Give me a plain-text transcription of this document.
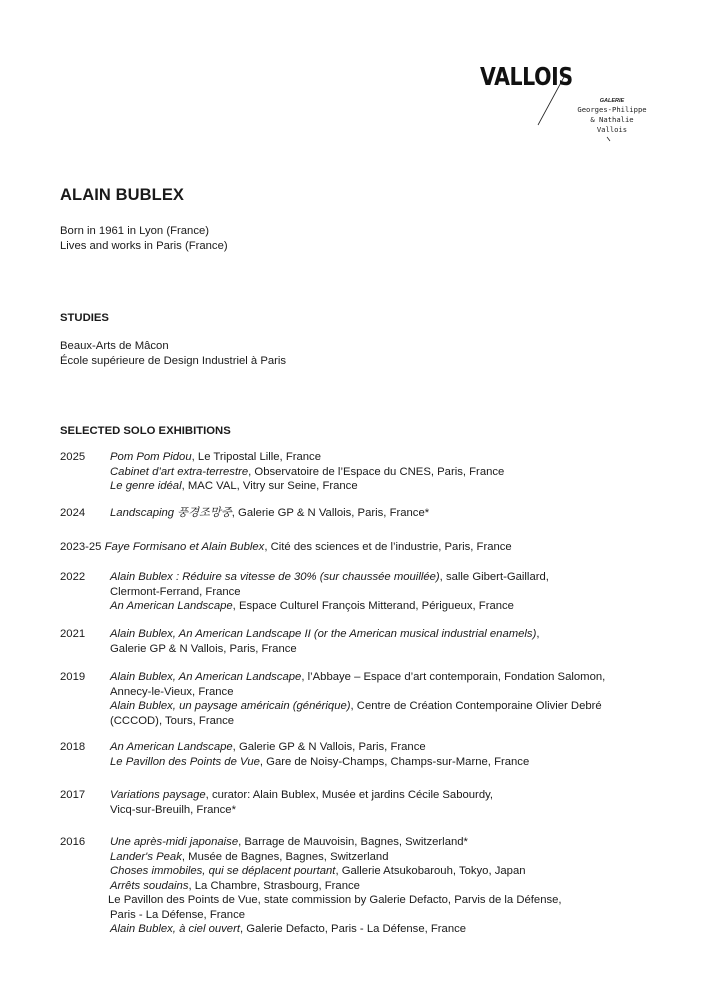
VALLOIS
GALERIE
Georges-Philippe
& Nathalie
Vallois
ALAIN BUBLEX
Born in 1961 in Lyon (France)
Lives and works in Paris (France)
STUDIES
Beaux-Arts de Mâcon
École supérieure de Design Industriel à Paris
SELECTED SOLO EXHIBITIONS
2025 Pom Pom Pidou, Le Tripostal Lille, France
Cabinet d’art extra-terrestre, Observatoire de l’Espace du CNES, Paris, France
Le genre idéal, MAC VAL, Vitry sur Seine, France
2024 Landscaping 풍경조망중, Galerie GP & N Vallois, Paris, France*
2023-25 Faye Formisano et Alain Bublex, Cité des sciences et de l’industrie, Paris, France
2022 Alain Bublex : Réduire sa vitesse de 30% (sur chaussée mouillée), salle Gibert-Gaillard,
Clermont-Ferrand, France
An American Landscape, Espace Culturel François Mitterand, Périgueux, France
2021 Alain Bublex, An American Landscape II (or the American musical industrial enamels),
Galerie GP & N Vallois, Paris, France
2019 Alain Bublex, An American Landscape, l’Abbaye – Espace d’art contemporain, Fondation Salomon,
Annecy-le-Vieux, France
Alain Bublex, un paysage américain (générique), Centre de Création Contemporaine Olivier Debré
(CCCOD), Tours, France
2018 An American Landscape, Galerie GP & N Vallois, Paris, France
Le Pavillon des Points de Vue, Gare de Noisy-Champs, Champs-sur-Marne, France
2017 Variations paysage, curator: Alain Bublex, Musée et jardins Cécile Sabourdy,
Vicq-sur-Breuilh, France*
2016 Une après-midi japonaise, Barrage de Mauvoisin, Bagnes, Switzerland*
Lander's Peak, Musée de Bagnes, Bagnes, Switzerland
Choses immobiles, qui se déplacent pourtant, Gallerie Atsukobarouh, Tokyo, Japan
Arrêts soudains, La Chambre, Strasbourg, France
Le Pavillon des Points de Vue, state commission by Galerie Defacto, Parvis de la Défense,
Paris - La Défense, France
Alain Bublex, à ciel ouvert, Galerie Defacto, Paris - La Défense, France
